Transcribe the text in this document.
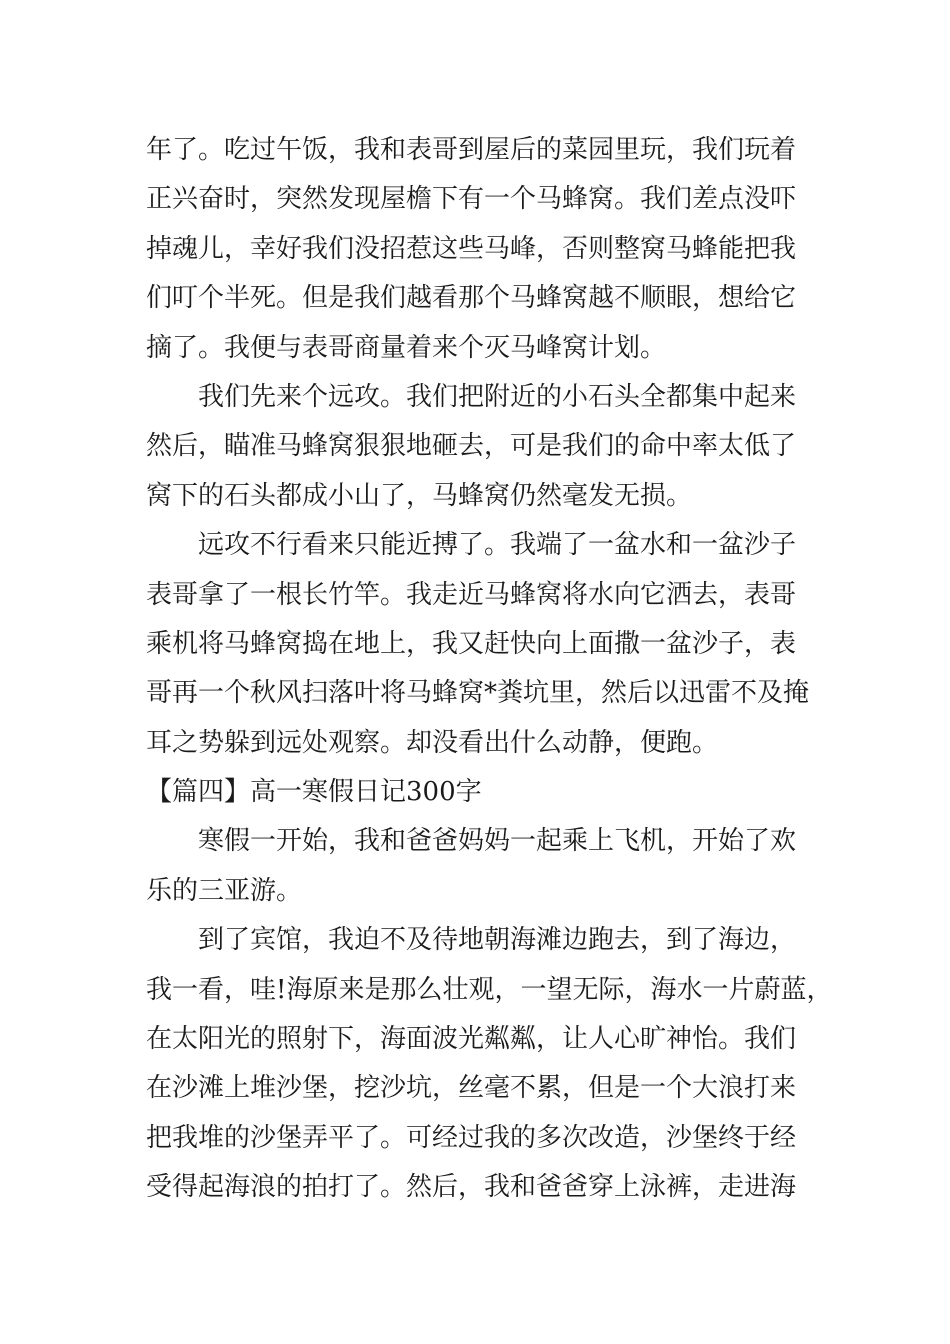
年了。吃过午饭，我和表哥到屋后的菜园里玩，我们玩着
正兴奋时，突然发现屋檐下有一个马蜂窝。我们差点没吓
掉魂儿，幸好我们没招惹这些马峰，否则整窝马蜂能把我
们叮个半死。但是我们越看那个马蜂窝越不顺眼，想给它
摘了。我便与表哥商量着来个灭马峰窝计划。
我们先来个远攻。我们把附近的小石头全都集中起来
然后，瞄准马蜂窝狠狠地砸去，可是我们的命中率太低了
窝下的石头都成小山了，马蜂窝仍然毫发无损。
远攻不行看来只能近搏了。我端了一盆水和一盆沙子
表哥拿了一根长竹竿。我走近马蜂窝将水向它洒去，表哥
乘机将马蜂窝捣在地上，我又赶快向上面撒一盆沙子，表
哥再一个秋风扫落叶将马蜂窝*粪坑里，然后以迅雷不及掩
耳之势躲到远处观察。却没看出什么动静，便跑。
【篇四】高一寒假日记300字
寒假一开始，我和爸爸妈妈一起乘上飞机，开始了欢
乐的三亚游。
到了宾馆，我迫不及待地朝海滩边跑去，到了海边，
我一看，哇!海原来是那么壮观，一望无际，海水一片蔚蓝，
在太阳光的照射下，海面波光粼粼，让人心旷神怡。我们
在沙滩上堆沙堡，挖沙坑，丝毫不累，但是一个大浪打来
把我堆的沙堡弄平了。可经过我的多次改造，沙堡终于经
受得起海浪的拍打了。然后，我和爸爸穿上泳裤，走进海
